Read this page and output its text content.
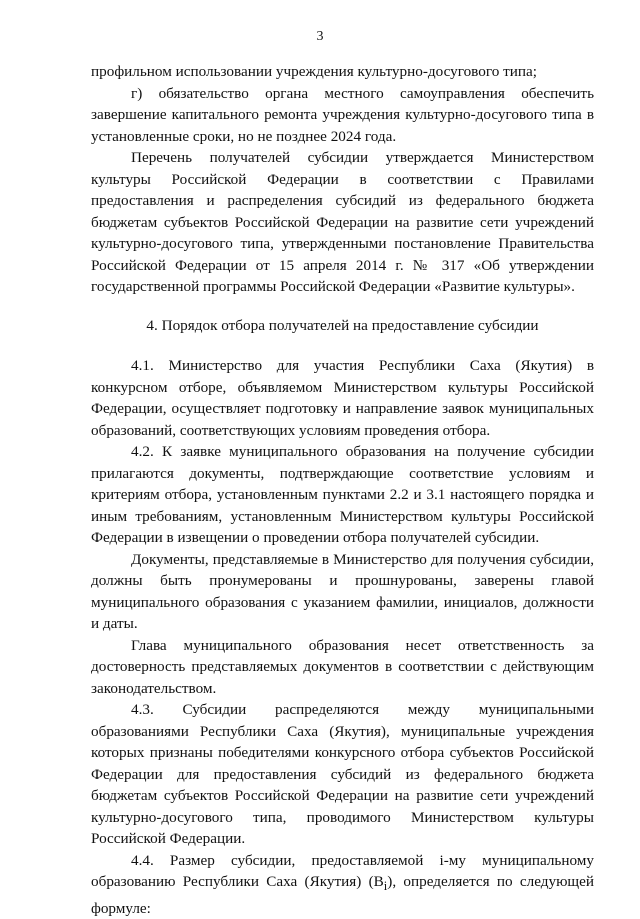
3

профильном использовании учреждения культурно-досугового типа;

г) обязательство органа местного самоуправления обеспечить завершение капитального ремонта учреждения культурно-досугового типа в установленные сроки, но не позднее 2024 года.

Перечень получателей субсидии утверждается Министерством культуры Российской Федерации в соответствии с Правилами предоставления и распределения субсидий из федерального бюджета бюджетам субъектов Российской Федерации на развитие сети учреждений культурно-досугового типа, утвержденными постановление Правительства Российской Федерации от 15 апреля 2014 г. № 317 «Об утверждении государственной программы Российской Федерации «Развитие культуры».

4. Порядок отбора получателей на предоставление субсидии

4.1. Министерство для участия Республики Саха (Якутия) в конкурсном отборе, объявляемом Министерством культуры Российской Федерации, осуществляет подготовку и направление заявок муниципальных образований, соответствующих условиям проведения отбора.

4.2. К заявке муниципального образования на получение субсидии прилагаются документы, подтверждающие соответствие условиям и критериям отбора, установленным пунктами 2.2 и 3.1 настоящего порядка и иным требованиям, установленным Министерством культуры Российской Федерации в извещении о проведении отбора получателей субсидии.

Документы, представляемые в Министерство для получения субсидии, должны быть пронумерованы и прошнурованы, заверены главой муниципального образования с указанием фамилии, инициалов, должности и даты.

Глава муниципального образования несет ответственность за достоверность представляемых документов в соответствии с действующим законодательством.

4.3. Субсидии распределяются между муниципальными образованиями Республики Саха (Якутия), муниципальные учреждения которых признаны победителями конкурсного отбора субъектов Российской Федерации для предоставления субсидий из федерального бюджета бюджетам субъектов Российской Федерации на развитие сети учреждений культурно-досугового типа, проводимого Министерством культуры Российской Федерации.

4.4. Размер субсидии, предоставляемой i-му муниципальному образованию Республики Саха (Якутия) $(В_i)$, определяется по следующей формуле:
